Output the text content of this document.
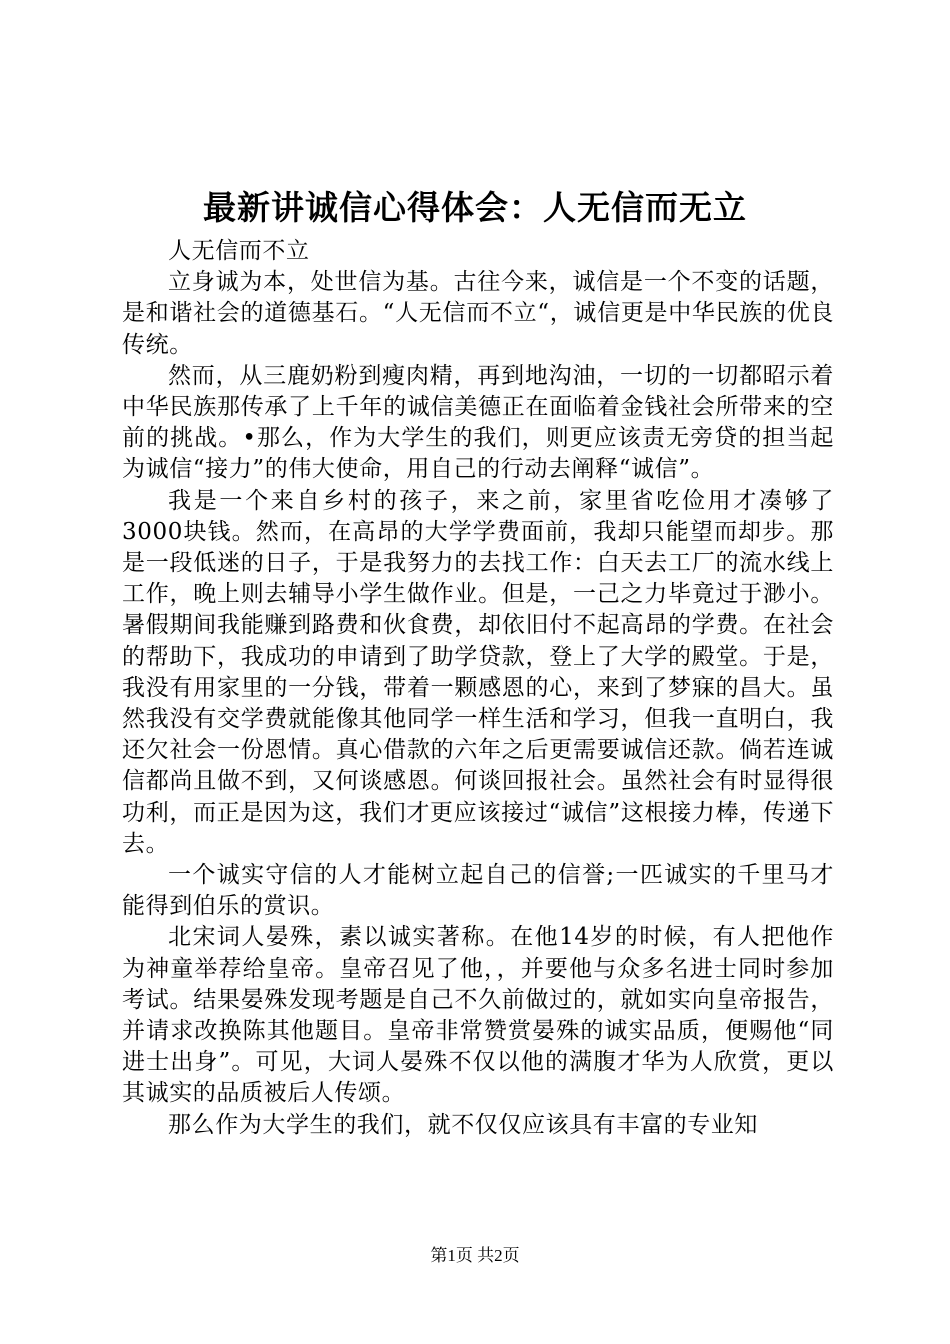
最新讲诚信心得体会：人无信而无立

人无信而不立

立身诚为本，处世信为基。古往今来，诚信是一个不变的话题，是和谐社会的道德基石。“人无信而不立“，诚信更是中华民族的优良传统。

然而，从三鹿奶粉到瘦肉精，再到地沟油，一切的一切都昭示着中华民族那传承了上千年的诚信美德正在面临着金钱社会所带来的空前的挑战。•那么，作为大学生的我们，则更应该责无旁贷的担当起为诚信“接力”的伟大使命，用自己的行动去阐释“诚信”。

我是一个来自乡村的孩子，来之前，家里省吃俭用才凑够了3000块钱。然而，在高昂的大学学费面前，我却只能望而却步。那是一段低迷的日子，于是我努力的去找工作：白天去工厂的流水线上工作，晚上则去辅导小学生做作业。但是，一己之力毕竟过于渺小。暑假期间我能赚到路费和伙食费，却依旧付不起高昂的学费。在社会的帮助下，我成功的申请到了助学贷款，登上了大学的殿堂。于是，我没有用家里的一分钱，带着一颗感恩的心，来到了梦寐的昌大。虽然我没有交学费就能像其他同学一样生活和学习，但我一直明白，我还欠社会一份恩情。真心借款的六年之后更需要诚信还款。倘若连诚信都尚且做不到，又何谈感恩。何谈回报社会。虽然社会有时显得很功利，而正是因为这，我们才更应该接过“诚信”这根接力棒，传递下去。

一个诚实守信的人才能树立起自己的信誉;一匹诚实的千里马才能得到伯乐的赏识。

北宋词人晏殊，素以诚实著称。在他14岁的时候，有人把他作为神童举荐给皇帝。皇帝召见了他，，并要他与众多名进士同时参加考试。结果晏殊发现考题是自己不久前做过的，就如实向皇帝报告，并请求改换陈其他题目。皇帝非常赞赏晏殊的诚实品质，便赐他“同进士出身”。可见，大词人晏殊不仅以他的满腹才华为人欣赏，更以其诚实的品质被后人传颂。

那么作为大学生的我们，就不仅仅应该具有丰富的专业知

第1页 共2页
